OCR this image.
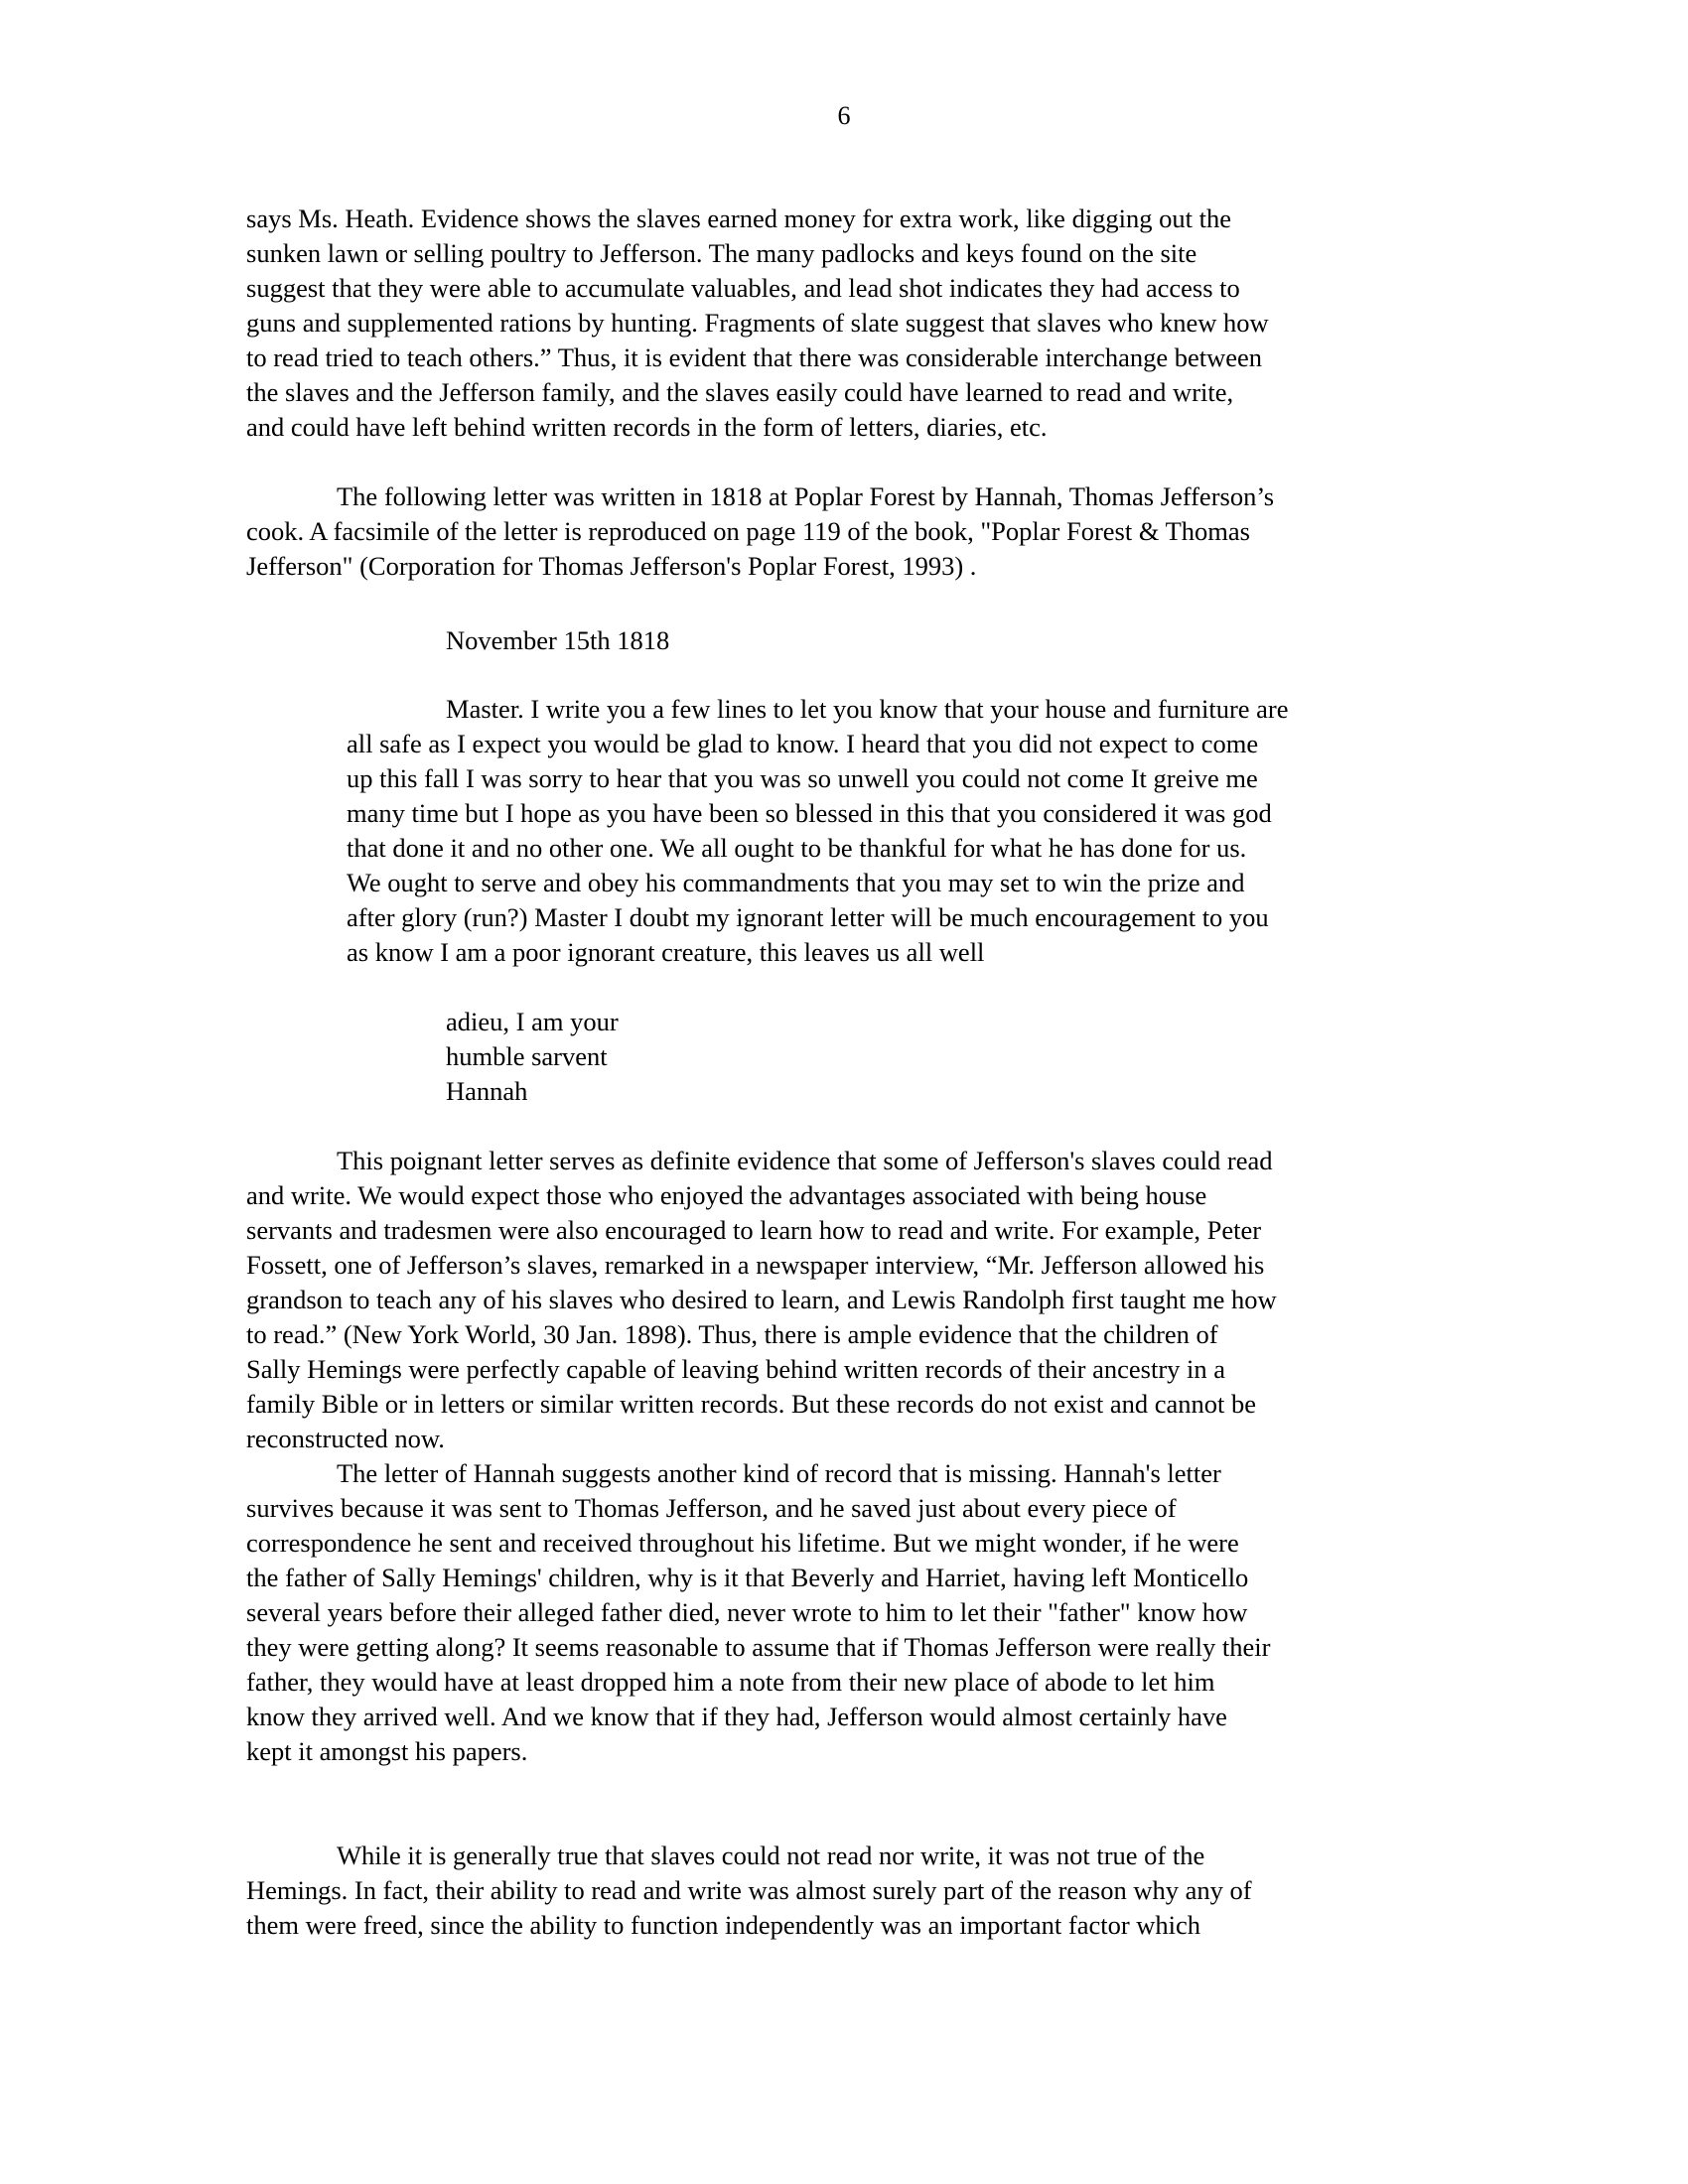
6
says Ms. Heath. Evidence shows the slaves earned money for extra work, like digging out the
sunken lawn or selling poultry to Jefferson. The many padlocks and keys found on the site
suggest that they were able to accumulate valuables, and lead shot indicates they had access to
guns and supplemented rations by hunting. Fragments of slate suggest that slaves who knew how
to read tried to teach others.” Thus, it is evident that there was considerable interchange between
the slaves and the Jefferson family, and the slaves easily could have learned to read and write,
and could have left behind written records in the form of letters, diaries, etc.
The following letter was written in 1818 at Poplar Forest by Hannah, Thomas Jefferson’s
cook. A facsimile of the letter is reproduced on page 119 of the book, "Poplar Forest & Thomas
Jefferson" (Corporation for Thomas Jefferson's Poplar Forest, 1993) .
November 15th 1818
Master. I write you a few lines to let you know that your house and furniture are
all safe as I expect you would be glad to know. I heard that you did not expect to come
up this fall I was sorry to hear that you was so unwell you could not come It greive me
many time but I hope as you have been so blessed in this that you considered it was god
that done it and no other one. We all ought to be thankful for what he has done for us.
We ought to serve and obey his commandments that you may set to win the prize and
after glory (run?) Master I doubt my ignorant letter will be much encouragement to you
as know I am a poor ignorant creature, this leaves us all well
adieu, I am your
humble sarvent
Hannah
This poignant letter serves as definite evidence that some of Jefferson's slaves could read
and write. We would expect those who enjoyed the advantages associated with being house
servants and tradesmen were also encouraged to learn how to read and write. For example, Peter
Fossett, one of Jefferson’s slaves, remarked in a newspaper interview, “Mr. Jefferson allowed his
grandson to teach any of his slaves who desired to learn, and Lewis Randolph first taught me how
to read.” (New York World, 30 Jan. 1898). Thus, there is ample evidence that the children of
Sally Hemings were perfectly capable of leaving behind written records of their ancestry in a
family Bible or in letters or similar written records. But these records do not exist and cannot be
reconstructed now.
The letter of Hannah suggests another kind of record that is missing. Hannah's letter
survives because it was sent to Thomas Jefferson, and he saved just about every piece of
correspondence he sent and received throughout his lifetime. But we might wonder, if he were
the father of Sally Hemings' children, why is it that Beverly and Harriet, having left Monticello
several years before their alleged father died, never wrote to him to let their "father" know how
they were getting along? It seems reasonable to assume that if Thomas Jefferson were really their
father, they would have at least dropped him a note from their new place of abode to let him
know they arrived well. And we know that if they had, Jefferson would almost certainly have
kept it amongst his papers.
While it is generally true that slaves could not read nor write, it was not true of the
Hemings. In fact, their ability to read and write was almost surely part of the reason why any of
them were freed, since the ability to function independently was an important factor which
